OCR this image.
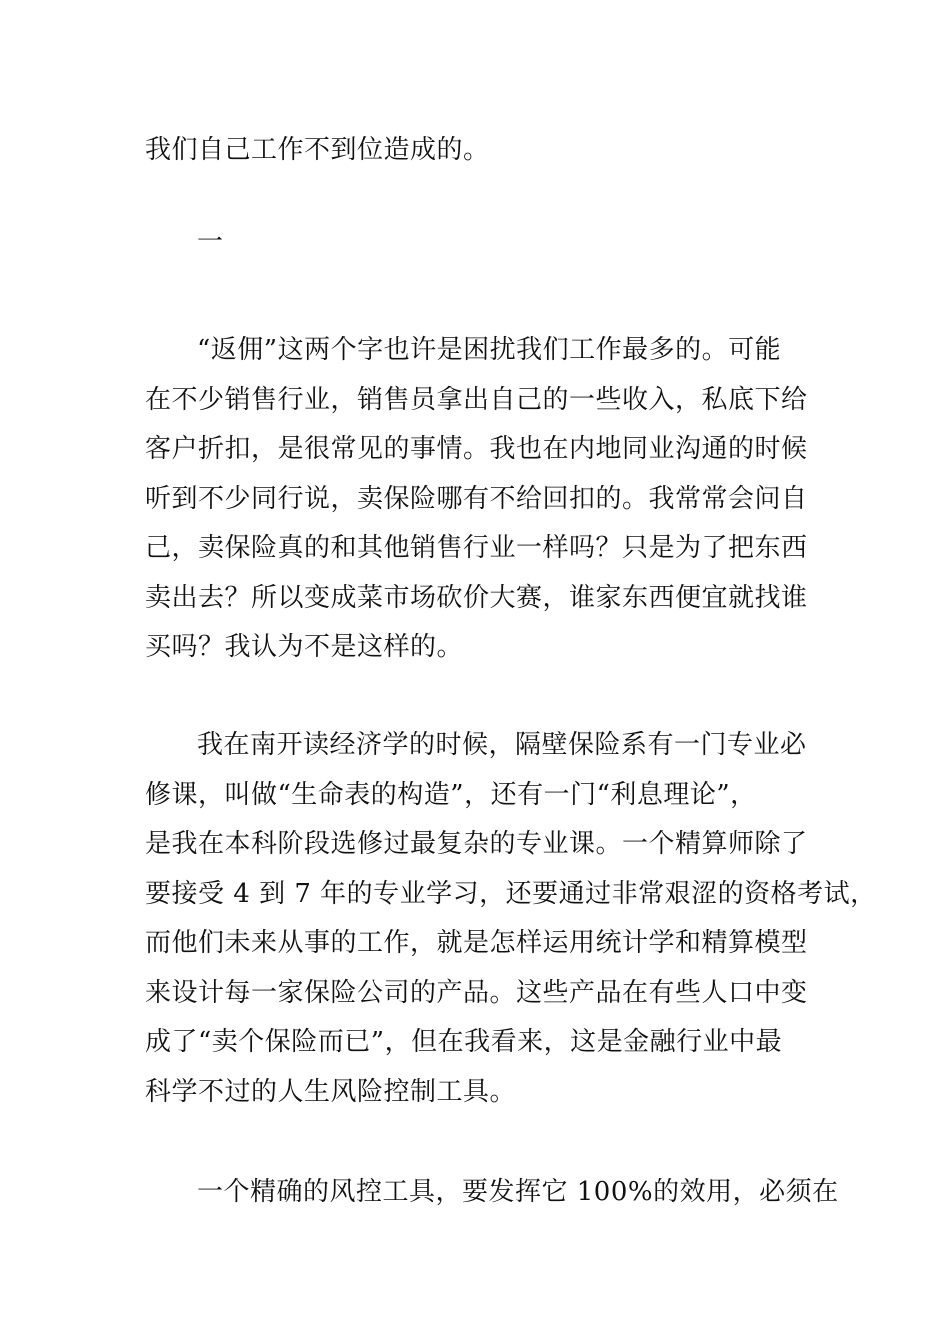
我们自己工作不到位造成的。
一
“返佣”这两个字也许是困扰我们工作最多的。可能
在不少销售行业，销售员拿出自己的一些收入，私底下给
客户折扣，是很常见的事情。我也在内地同业沟通的时候
听到不少同行说，卖保险哪有不给回扣的。我常常会问自
己，卖保险真的和其他销售行业一样吗？只是为了把东西
卖出去？所以变成菜市场砍价大赛，谁家东西便宜就找谁
买吗？我认为不是这样的。
我在南开读经济学的时候，隔壁保险系有一门专业必
修课，叫做“生命表的构造”，还有一门“利息理论”，
是我在本科阶段选修过最复杂的专业课。一个精算师除了
要接受 4 到 7 年的专业学习，还要通过非常艰涩的资格考试，
而他们未来从事的工作，就是怎样运用统计学和精算模型
来设计每一家保险公司的产品。这些产品在有些人口中变
成了“卖个保险而已”，但在我看来，这是金融行业中最
科学不过的人生风险控制工具。
一个精确的风控工具，要发挥它 100%的效用，必须在
